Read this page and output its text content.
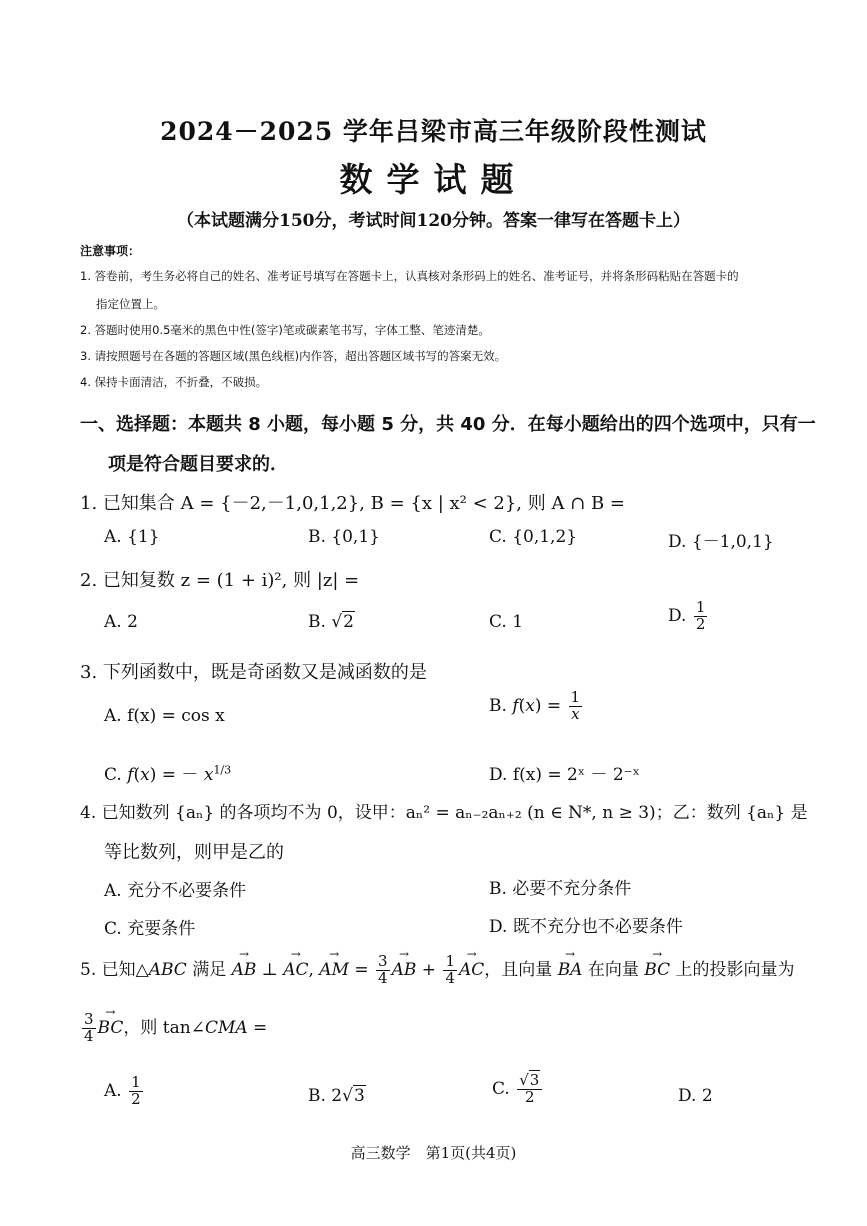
2024－2025 学年吕梁市高三年级阶段性测试
数学试题
（本试题满分150分，考试时间120分钟。答案一律写在答题卡上）
注意事项：
1. 答卷前，考生务必将自己的姓名、准考证号填写在答题卡上，认真核对条形码上的姓名、准考证号，并将条形码粘贴在答题卡的
指定位置上。
2. 答题时使用0.5毫米的黑色中性(签字)笔或碳素笔书写，字体工整、笔迹清楚。
3. 请按照题号在各题的答题区域(黑色线框)内作答，超出答题区域书写的答案无效。
4. 保持卡面清洁，不折叠，不破损。
一、选择题：本题共 8 小题，每小题 5 分，共 40 分．在每小题给出的四个选项中，只有一
项是符合题目要求的．
1. 已知集合 A = {－2,－1,0,1,2}, B = {x | x² < 2}, 则 A ∩ B =
A. {1}	B. {0,1}	C. {0,1,2}	D. {－1,0,1}
2. 已知复数 z = (1 + i)², 则 |z| =
A. 2	B. √2	C. 1	D. $\frac{1}{2}$
3. 下列函数中，既是奇函数又是减函数的是
A. f(x) = cos x
B. $f(x) = \frac{1}{x}$
C. f(x) = － $x^{1/3}$	D. f(x) = 2ˣ － 2⁻ˣ
4. 已知数列 {aₙ} 的各项均不为 0，设甲：aₙ² = aₙ₋₂aₙ₊₂ (n ∈ N*, n ≥ 3)；乙：数列 {aₙ} 是
等比数列，则甲是乙的
A. 充分不必要条件	B. 必要不充分条件
C. 充要条件	D. 既不充分也不必要条件
5. 已知△ABC 满足 → AB ⊥ → AC, → AM = $\frac{3}{4}$ → AB + $\frac{1}{4}$ → AC，且向量 → BA 在向量 → BC 上的投影向量为
$\frac{3}{4}$ → BC，则 tan∠CMA =
A. $\frac{1}{2}$	B. 2√3	C. $\frac{√3}{2}$	D. 2
高三数学　第1页(共4页)
